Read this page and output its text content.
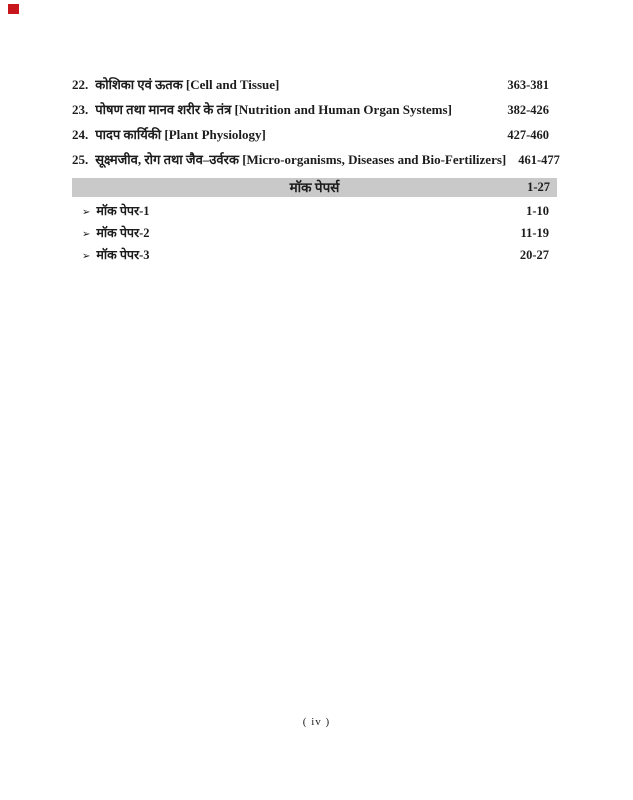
22. कोशिका एवं ऊतक [Cell and Tissue]	363-381
23. पोषण तथा मानव शरीर के तंत्र [Nutrition and Human Organ Systems]	382-426
24. पादप कार्यिकी [Plant Physiology]	427-460
25. सूक्ष्मजीव, रोग तथा जैव–उर्वरक [Micro-organisms, Diseases and Bio-Fertilizers] 461-477
मॉक पेपर्स	1-27
➢ मॉक पेपर-1	1-10
➢ मॉक पेपर-2	11-19
➢ मॉक पेपर-3	20-27
( iv )
